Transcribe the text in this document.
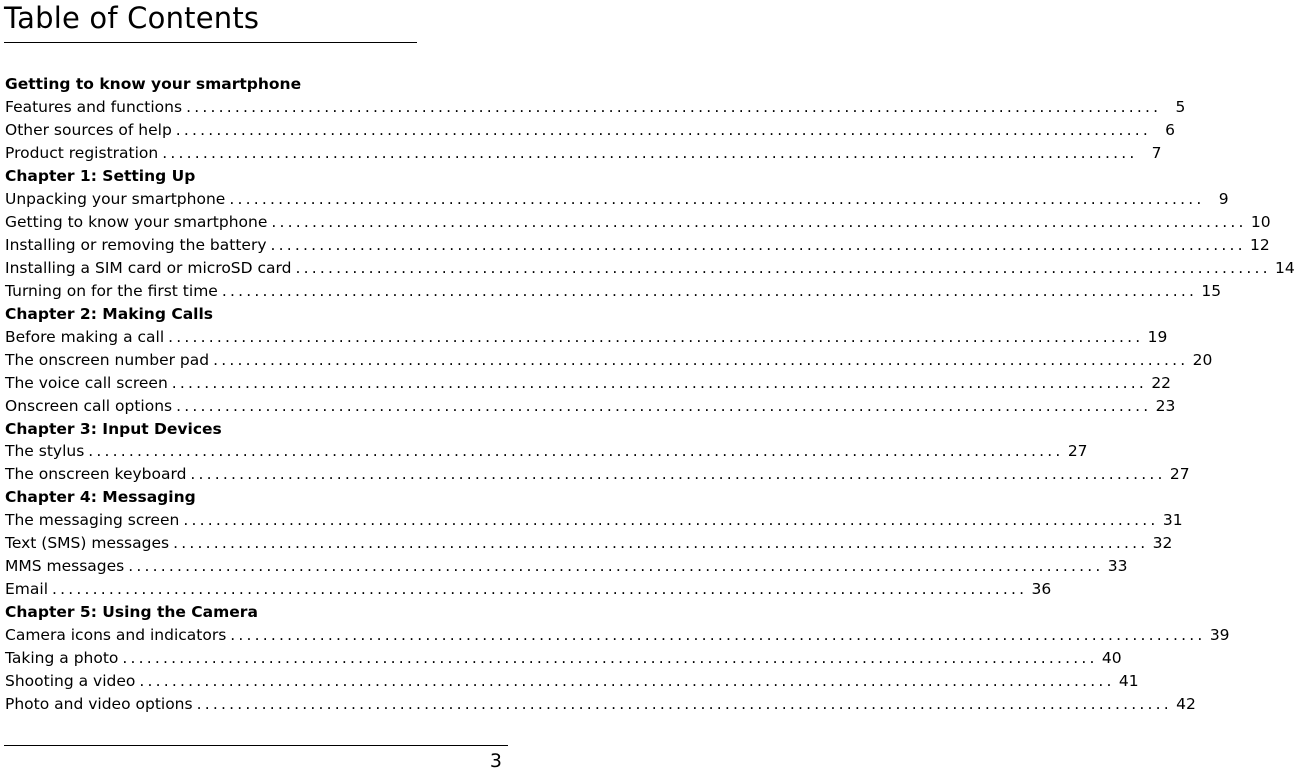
Table of Contents
Getting to know your smartphone
Features and functions ........................................................................................................................ 5
Other sources of help ........................................................................................................................ 6
Product registration ........................................................................................................................ 7
Chapter 1: Setting Up
Unpacking your smartphone ........................................................................................................................ 9
Getting to know your smartphone ........................................................................................................................ 10
Installing or removing the battery ........................................................................................................................ 12
Installing a SIM card or microSD card ........................................................................................................................ 14
Turning on for the first time ........................................................................................................................ 15
Chapter 2: Making Calls
Before making a call ........................................................................................................................ 19
The onscreen number pad ........................................................................................................................ 20
The voice call screen ........................................................................................................................ 22
Onscreen call options ........................................................................................................................ 23
Chapter 3: Input Devices
The stylus ........................................................................................................................ 27
The onscreen keyboard ........................................................................................................................ 27
Chapter 4: Messaging
The messaging screen ........................................................................................................................ 31
Text (SMS) messages ........................................................................................................................ 32
MMS messages ........................................................................................................................ 33
Email ........................................................................................................................ 36
Chapter 5: Using the Camera
Camera icons and indicators ........................................................................................................................ 39
Taking a photo ........................................................................................................................ 40
Shooting a video ........................................................................................................................ 41
Photo and video options ........................................................................................................................ 42
3
